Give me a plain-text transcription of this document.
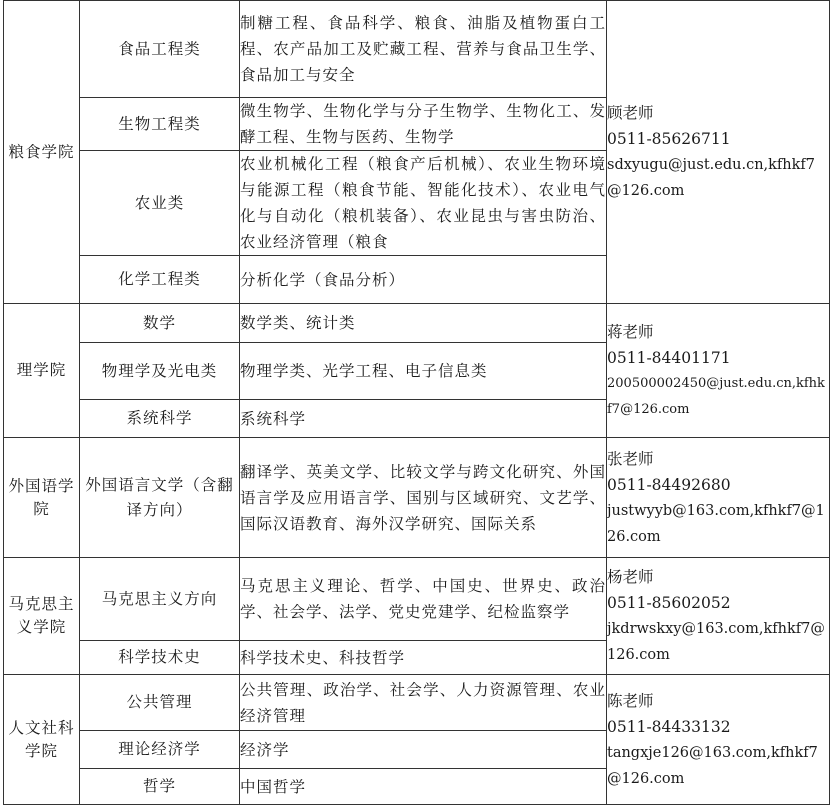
粮食学院	食品工程类	制糖工程、食品科学、粮食、油脂及植物蛋白工程、农产品加工及贮藏工程、营养与食品卫生学、食品加工与安全	顾老师
0511-85626711
sdxyugu@just.edu.cn,kfhkf7@126.com

	生物工程类	微生物学、生物化学与分子生物学、生物化工、发酵工程、生物与医药、生物学	
	农业类	农业机械化工程（粮食产后机械）、农业生物环境与能源工程（粮食节能、智能化技术）、农业电气化与自动化（粮机装备）、农业昆虫与害虫防治、农业经济管理（粮食	

	化学工程类	分析化学（食品分析）	
理学院	数学	数学类、统计类	蒋老师
0511-84401171
200500002450@just.edu.cn,kfhkf7@126.com

	物理学及光电类	物理学类、光学工程、电子信息类	
	系统科学	系统科学	
外国语学院	外国语言文学（含翻译方向）	翻译学、英美文学、比较文学与跨文化研究、外国语言学及应用语言学、国别与区域研究、文艺学、国际汉语教育、海外汉学研究、国际关系	张老师
0511-84492680
justwyyb@163.com,kfhkf7@126.com

马克思主义学院	马克思主义方向	马克思主义理论、哲学、中国史、世界史、政治学、社会学、法学、党史党建学、纪检监察学	杨老师
0511-85602052
jkdrwskxy@163.com,kfhkf7@126.com

	科学技术史	科学技术史、科技哲学	
人文社科学院	公共管理	公共管理、政治学、社会学、人力资源管理、农业经济管理	陈老师
0511-84433132
tangxje126@163.com,kfhkf7@126.com

	理论经济学	经济学	
	哲学	中国哲学	
